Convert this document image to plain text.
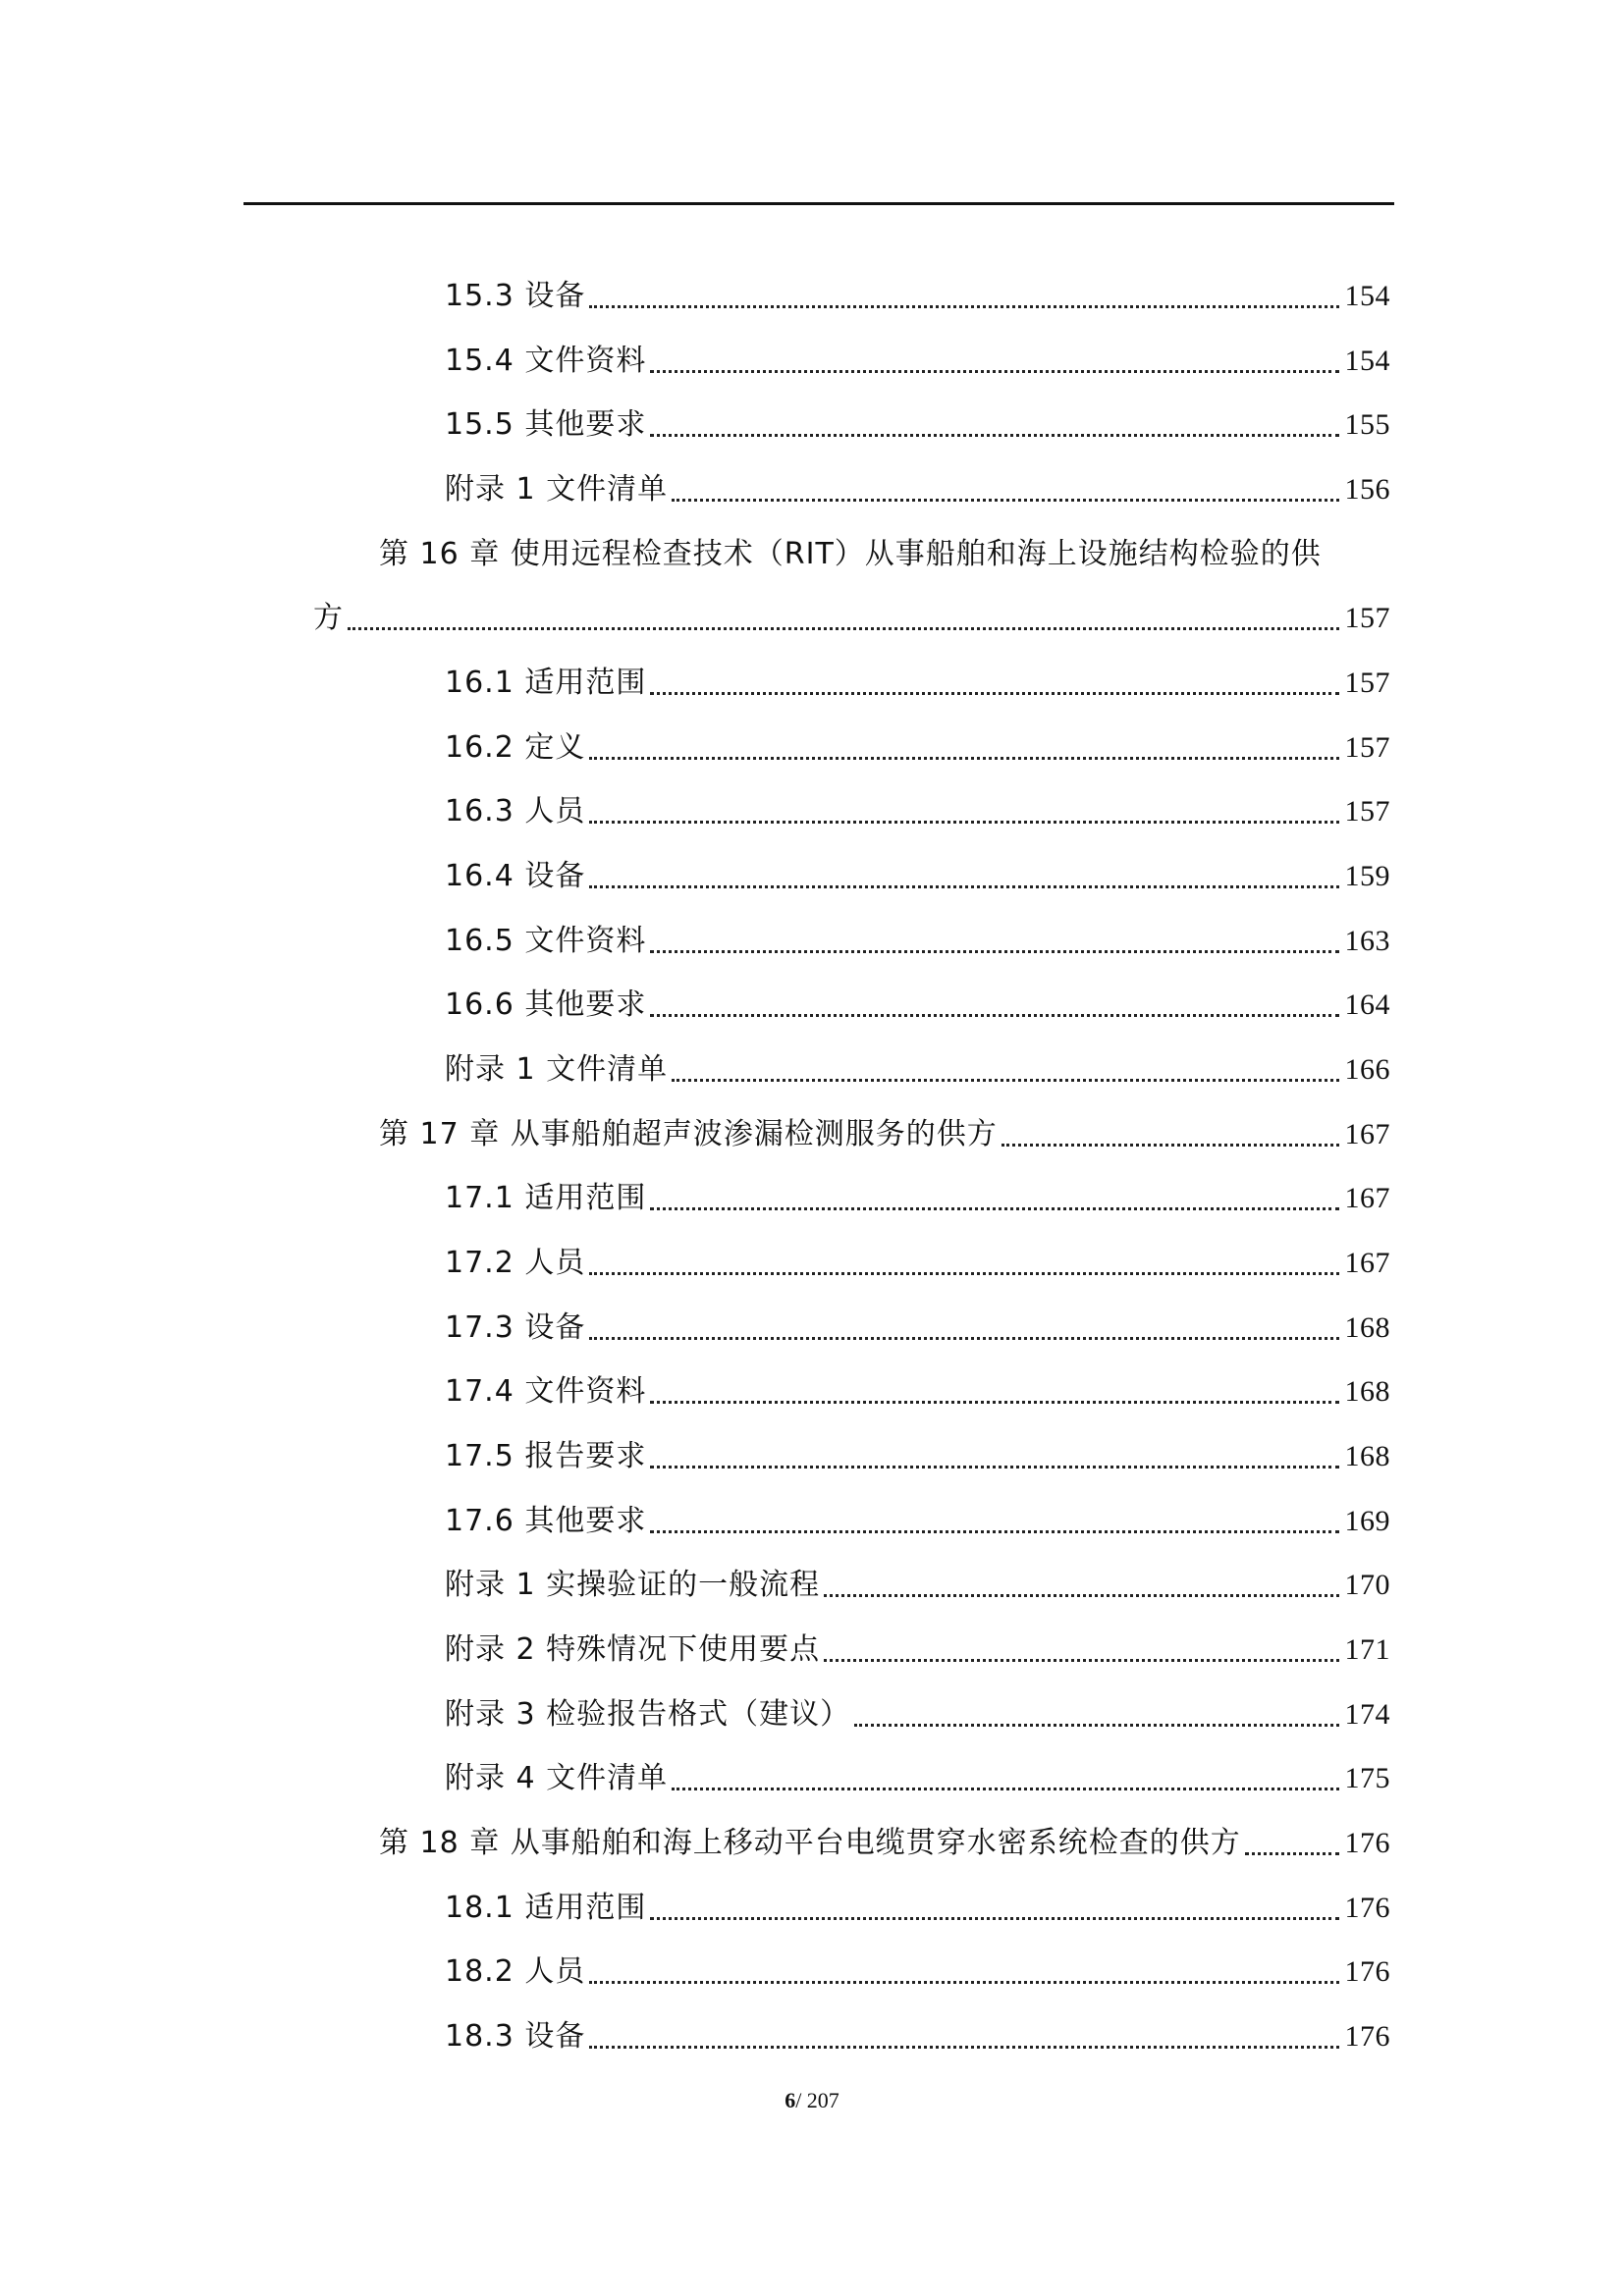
15.3 设备	154
15.4 文件资料	154
15.5 其他要求	155
附录 1 文件清单	156
第 16 章 使用远程检查技术（RIT）从事船舶和海上设施结构检验的供
方	157
16.1 适用范围	157
16.2 定义	157
16.3 人员	157
16.4 设备	159
16.5 文件资料	163
16.6 其他要求	164
附录 1 文件清单	166
第 17 章 从事船舶超声波渗漏检测服务的供方	167
17.1 适用范围	167
17.2 人员	167
17.3 设备	168
17.4 文件资料	168
17.5 报告要求	168
17.6 其他要求	169
附录 1 实操验证的一般流程	170
附录 2 特殊情况下使用要点	171
附录 3 检验报告格式（建议）	174
附录 4 文件清单	175
第 18 章 从事船舶和海上移动平台电缆贯穿水密系统检查的供方	176
18.1 适用范围	176
18.2 人员	176
18.3 设备	176
6/ 207
